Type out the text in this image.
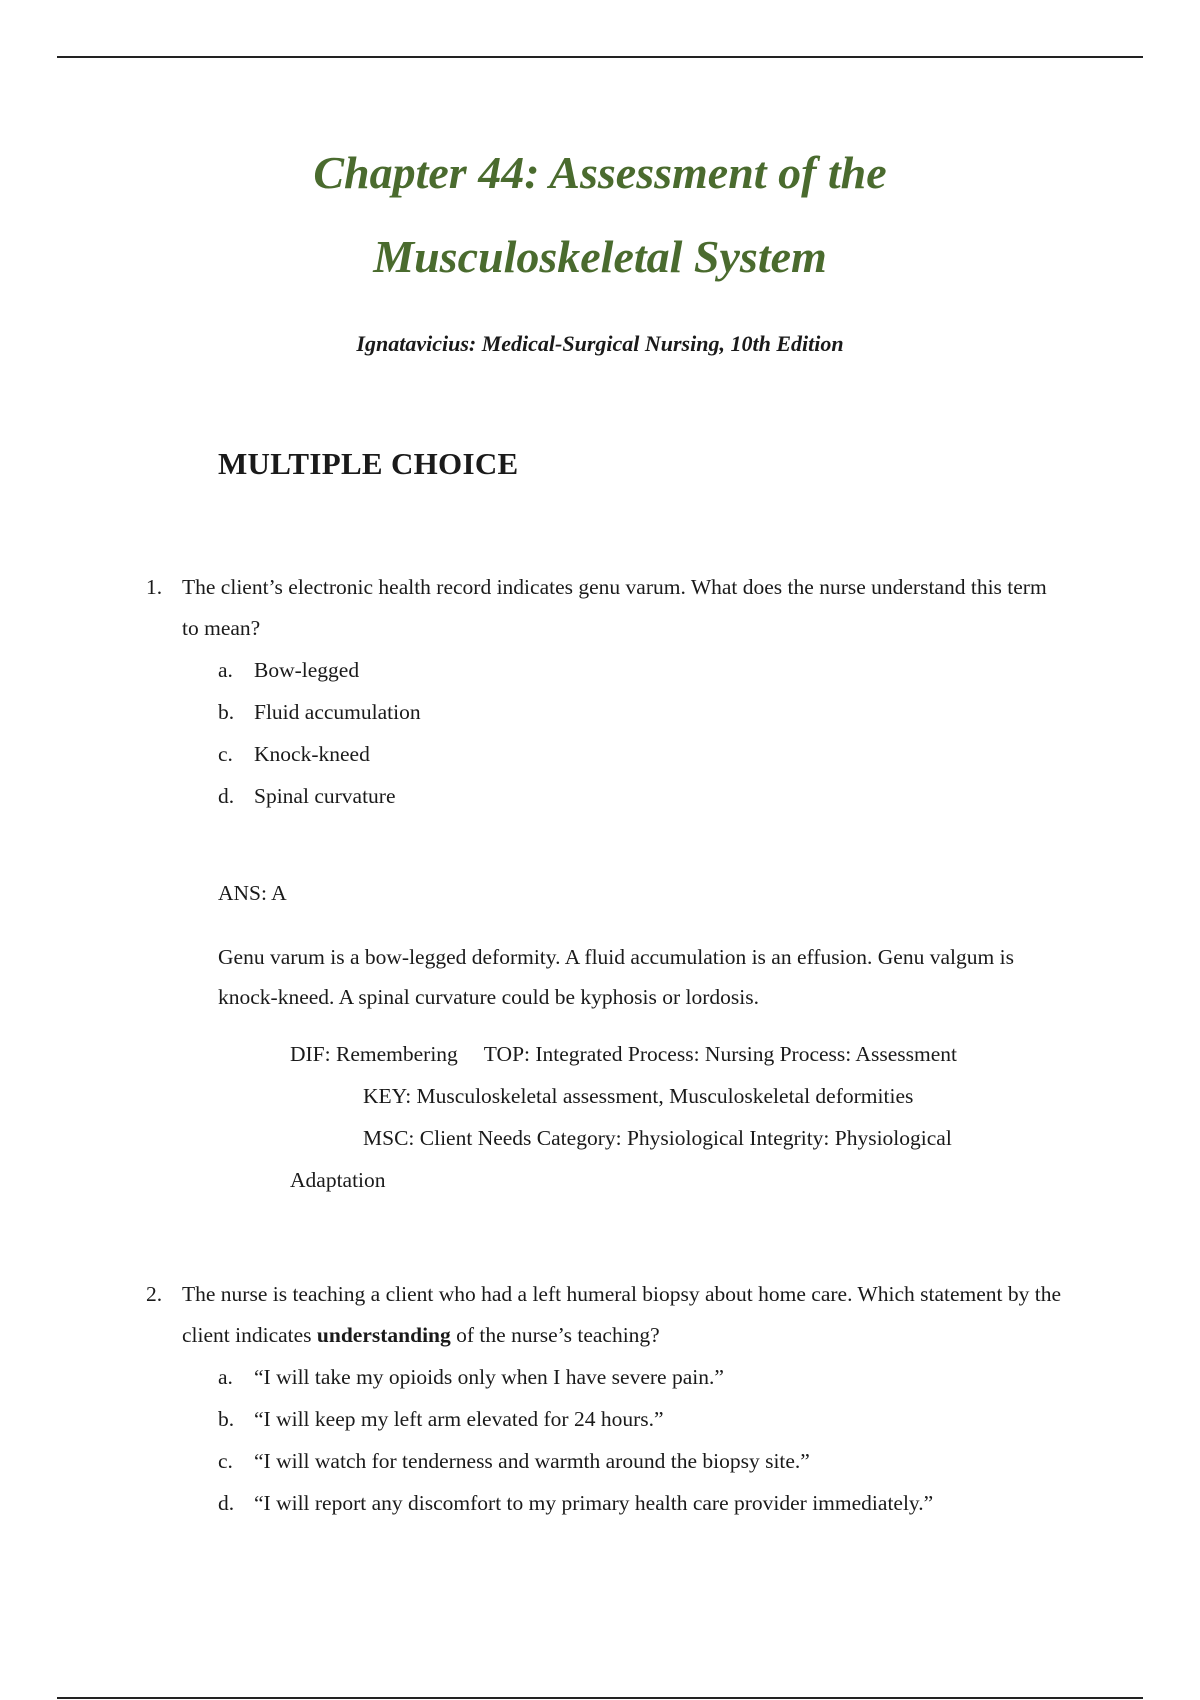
Chapter 44: Assessment of the
Musculoskeletal System
Ignatavicius: Medical-Surgical Nursing, 10th Edition
MULTIPLE CHOICE
1. The client’s electronic health record indicates genu varum. What does the nurse understand this term to mean?
a. Bow-legged
b. Fluid accumulation
c. Knock-kneed
d. Spinal curvature
ANS: A
Genu varum is a bow-legged deformity. A fluid accumulation is an effusion. Genu valgum is knock-kneed. A spinal curvature could be kyphosis or lordosis.
DIF: Remembering TOP: Integrated Process: Nursing Process: Assessment
KEY: Musculoskeletal assessment, Musculoskeletal deformities
MSC: Client Needs Category: Physiological Integrity: Physiological
Adaptation
2. The nurse is teaching a client who had a left humeral biopsy about home care. Which statement by the client indicates understanding of the nurse’s teaching?
a. “I will take my opioids only when I have severe pain.”
b. “I will keep my left arm elevated for 24 hours.”
c. “I will watch for tenderness and warmth around the biopsy site.”
d. “I will report any discomfort to my primary health care provider immediately.”
